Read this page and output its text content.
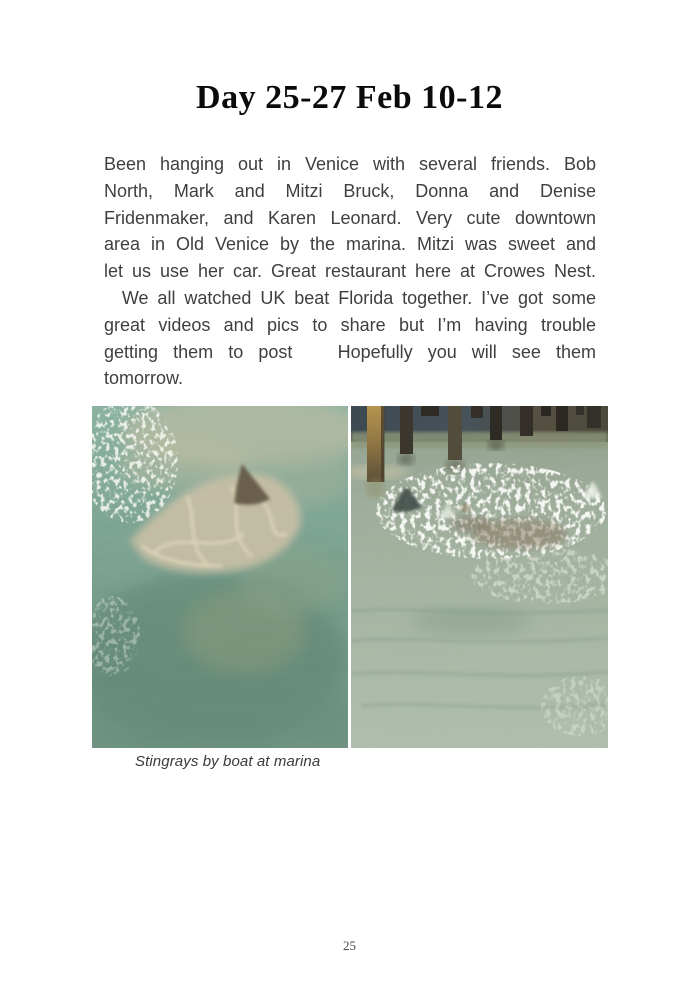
Day 25-27 Feb 10-12
Been hanging out in Venice with several friends. Bob
North, Mark and Mitzi Bruck, Donna and Denise
Fridenmaker, and Karen Leonard. Very cute downtown
area in Old Venice by the marina. Mitzi was sweet and
let us use her car. Great restaurant here at Crowes Nest.
We all watched UK beat Florida together. I’ve got some
great videos and pics to share but I’m having trouble
getting them to post   Hopefully you will see them
tomorrow.
Stingrays by boat at marina
25
